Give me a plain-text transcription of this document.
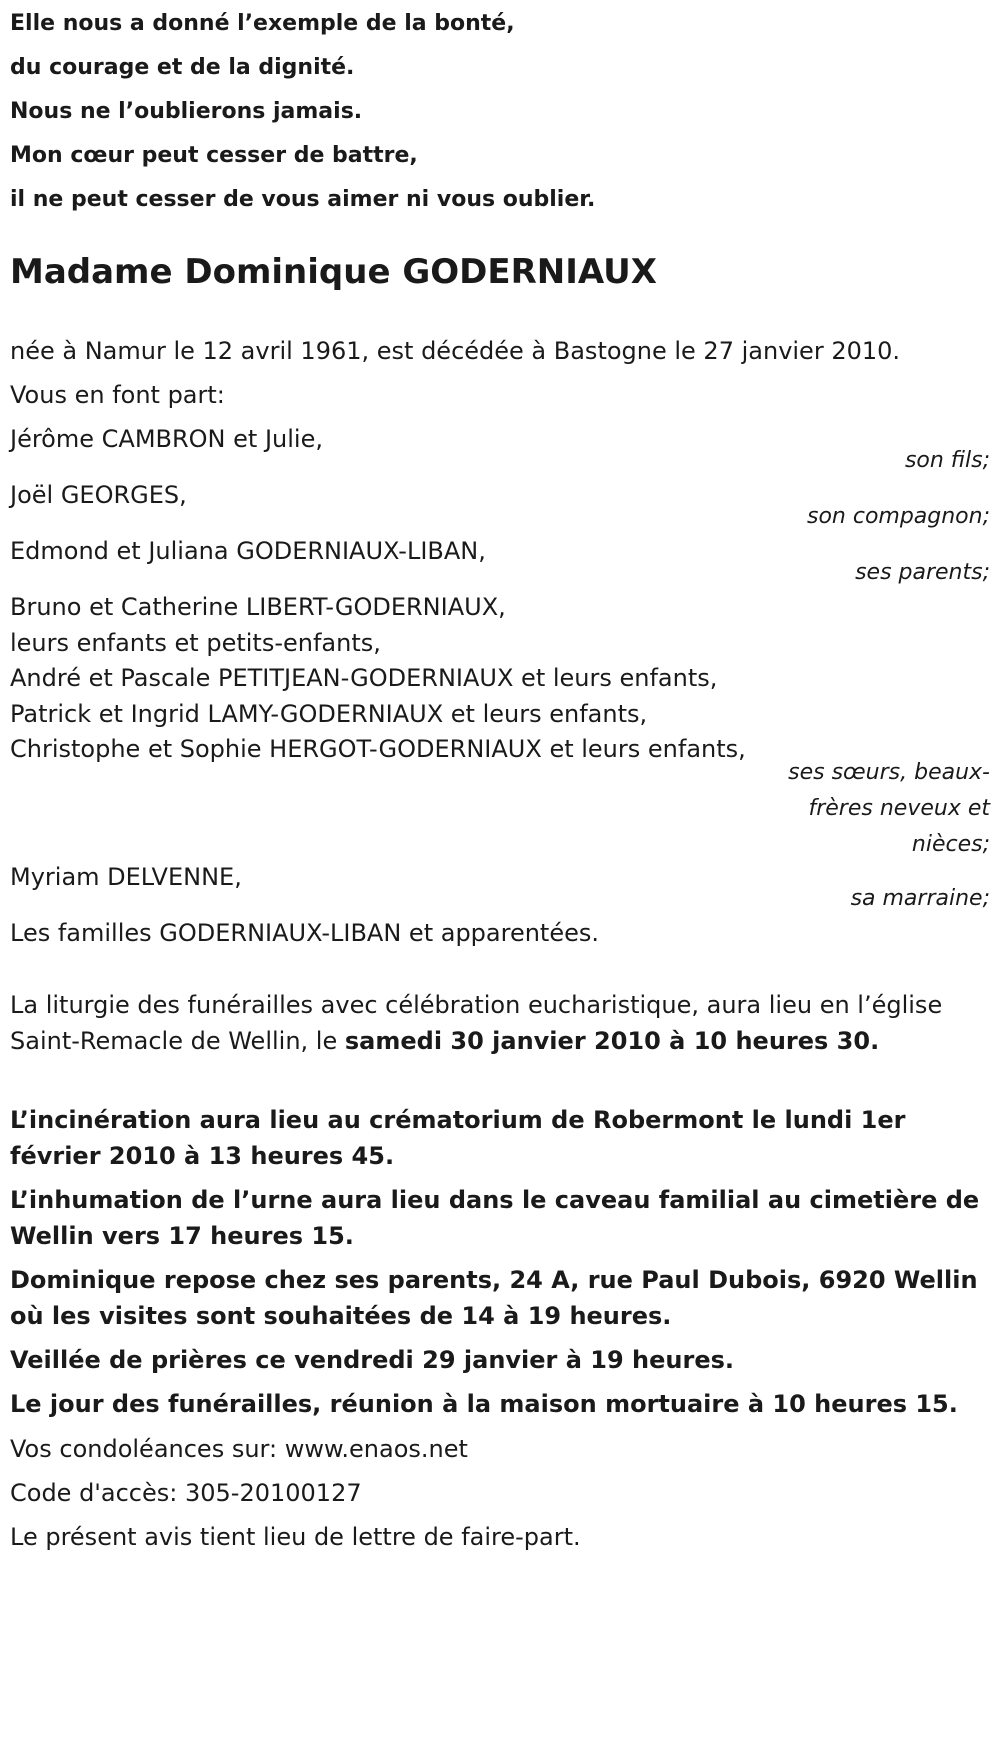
Elle nous a donné l’exemple de la bonté,
du courage et de la dignité.
Nous ne l’oublierons jamais.
Mon cœur peut cesser de battre,
il ne peut cesser de vous aimer ni vous oublier.
Madame Dominique GODERNIAUX
née à Namur le 12 avril 1961, est décédée à Bastogne le 27 janvier 2010.
Vous en font part:
Jérôme CAMBRON et Julie,
son fils;
Joël GEORGES,
son compagnon;
Edmond et Juliana GODERNIAUX-LIBAN,
ses parents;
Bruno et Catherine LIBERT-GODERNIAUX,
leurs enfants et petits-enfants,
André et Pascale PETITJEAN-GODERNIAUX et leurs enfants,
Patrick et Ingrid LAMY-GODERNIAUX et leurs enfants,
Christophe et Sophie HERGOT-GODERNIAUX et leurs enfants,
ses sœurs, beaux-frères neveux et nièces;
Myriam DELVENNE,
sa marraine;
Les familles GODERNIAUX-LIBAN et apparentées.
La liturgie des funérailles avec célébration eucharistique, aura lieu en l’église Saint-Remacle de Wellin, le samedi 30 janvier 2010 à 10 heures 30.
L’incinération aura lieu au crématorium de Robermont le lundi 1er février 2010 à 13 heures 45.
L’inhumation de l’urne aura lieu dans le caveau familial au cimetière de Wellin vers 17 heures 15.
Dominique repose chez ses parents, 24 A, rue Paul Dubois, 6920 Wellin où les visites sont souhaitées de 14 à 19 heures.
Veillée de prières ce vendredi 29 janvier à 19 heures.
Le jour des funérailles, réunion à la maison mortuaire à 10 heures 15.
Vos condoléances sur: www.enaos.net
Code d'accès: 305-20100127
Le présent avis tient lieu de lettre de faire-part.
